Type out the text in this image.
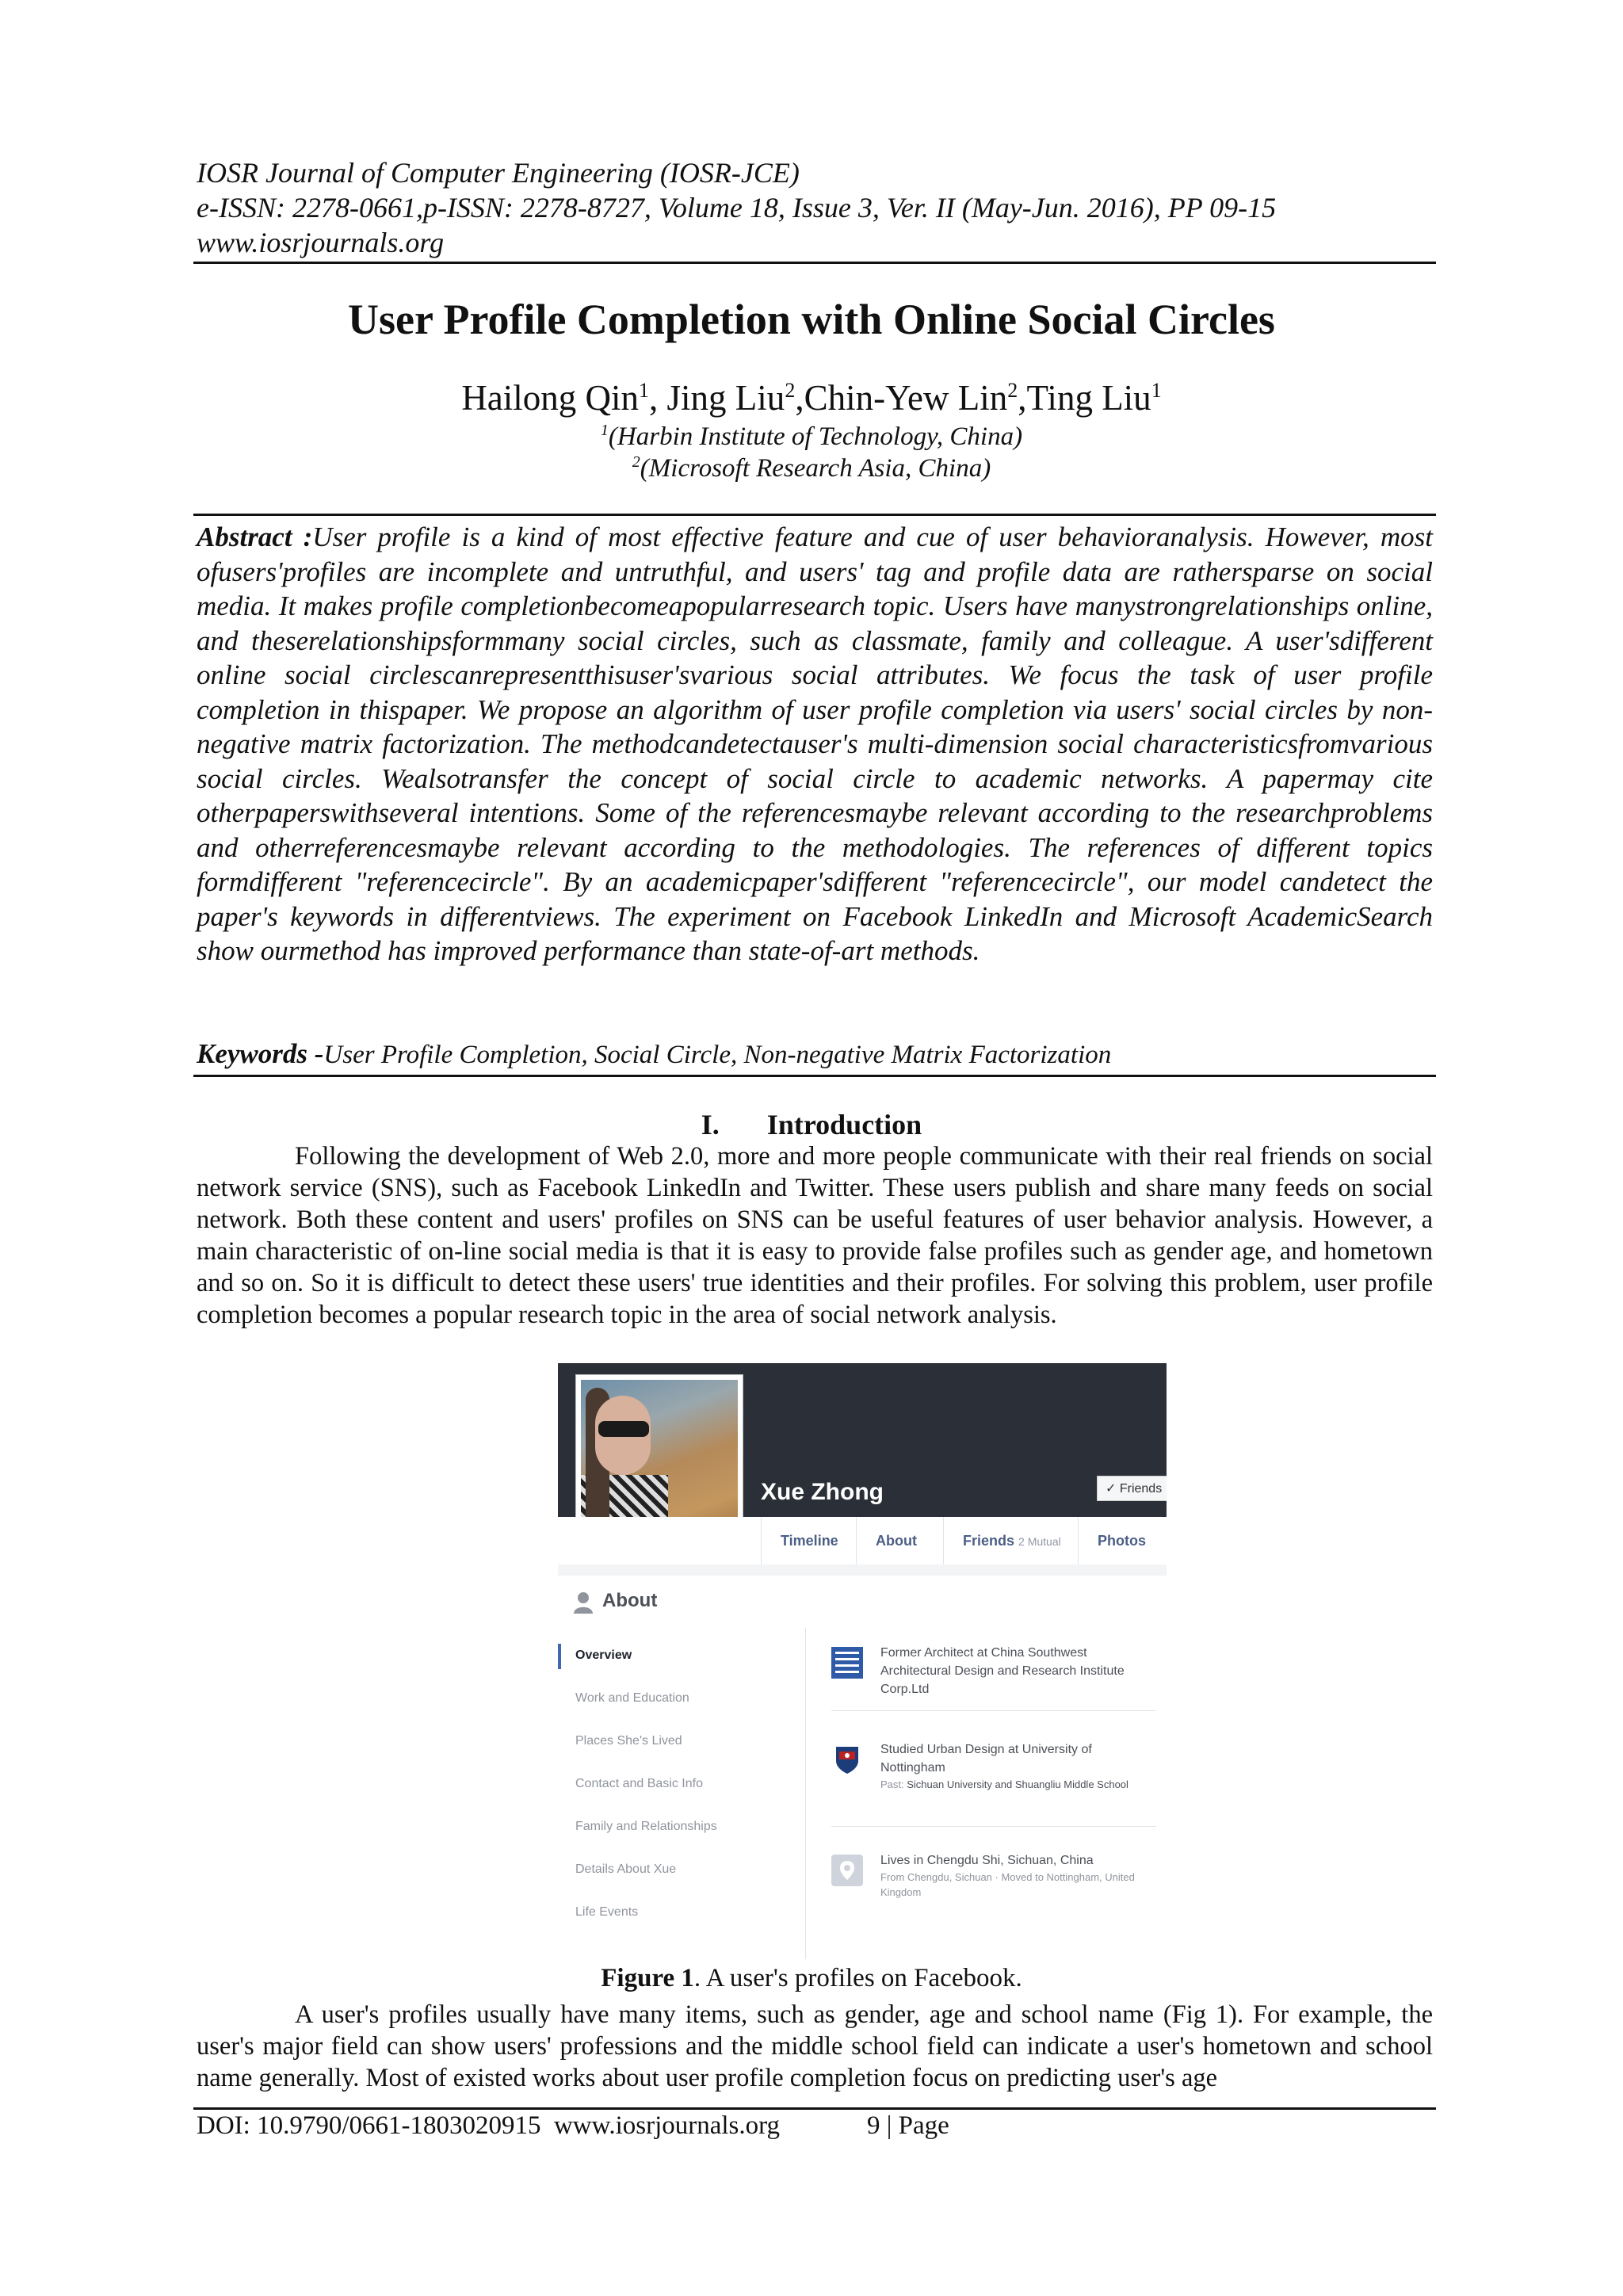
IOSR Journal of Computer Engineering (IOSR-JCE)
e-ISSN: 2278-0661,p-ISSN: 2278-8727, Volume 18, Issue 3, Ver. II (May-Jun. 2016), PP 09-15
www.iosrjournals.org
User Profile Completion with Online Social Circles
Hailong Qin$^1$, Jing Liu$^2$,Chin-Yew Lin$^2$,Ting Liu$^1$
$^1$(Harbin Institute of Technology, China)
$^2$(Microsoft Research Asia, China)
Abstract :User profile is a kind of most effective feature and cue of user behavioranalysis. However, most ofusers'profiles are incomplete and untruthful, and users' tag and profile data are rathersparse on social media. It makes profile completionbecomeapopularresearch topic. Users have manystrongrelationships online, and theserelationshipsformmany social circles, such as classmate, family and colleague. A user'sdifferent online social circlescanrepresentthisuser'svarious social attributes. We focus the task of user profile completion in thispaper. We propose an algorithm of user profile completion via users' social circles by non-negative matrix factorization. The methodcandetectauser's multi-dimension social characteristicsfromvarious social circles. Wealsotransfer the concept of social circle to academic networks. A papermay cite otherpaperswithseveral intentions. Some of the referencesmaybe relevant according to the researchproblems and otherreferencesmaybe relevant according to the methodologies. The references of different topics formdifferent "referencecircle". By an academicpaper'sdifferent "referencecircle", our model candetect the paper's keywords in differentviews. The experiment on Facebook LinkedIn and Microsoft AcademicSearch show ourmethod has improved performance than state-of-art methods.
Keywords -User Profile Completion, Social Circle, Non-negative Matrix Factorization
I. Introduction
Following the development of Web 2.0, more and more people communicate with their real friends on social network service (SNS), such as Facebook LinkedIn and Twitter. These users publish and share many feeds on social network. Both these content and users' profiles on SNS can be useful features of user behavior analysis. However, a main characteristic of on-line social media is that it is easy to provide false profiles such as gender age, and hometown and so on. So it is difficult to detect these users' true identities and their profiles. For solving this problem, user profile completion becomes a popular research topic in the area of social network analysis.
Xue Zhong	✓ Friends
Timeline	About	Friends 2 Mutual	Photos
About
Overview
Work and Education
Places She's Lived
Contact and Basic Info
Family and Relationships
Details About Xue
Life Events
Former Architect at China Southwest Architectural Design and Research Institute Corp.Ltd
Studied Urban Design at University of Nottingham
Past: Sichuan University and Shuangliu Middle School
Lives in Chengdu Shi, Sichuan, China
From Chengdu, Sichuan · Moved to Nottingham, United Kingdom
Figure 1. A user's profiles on Facebook.
A user's profiles usually have many items, such as gender, age and school name (Fig 1). For example, the user's major field can show users' professions and the middle school field can indicate a user's hometown and school name generally. Most of existed works about user profile completion focus on predicting user's age
DOI: 10.9790/0661-1803020915  www.iosrjournals.org	9 | Page
